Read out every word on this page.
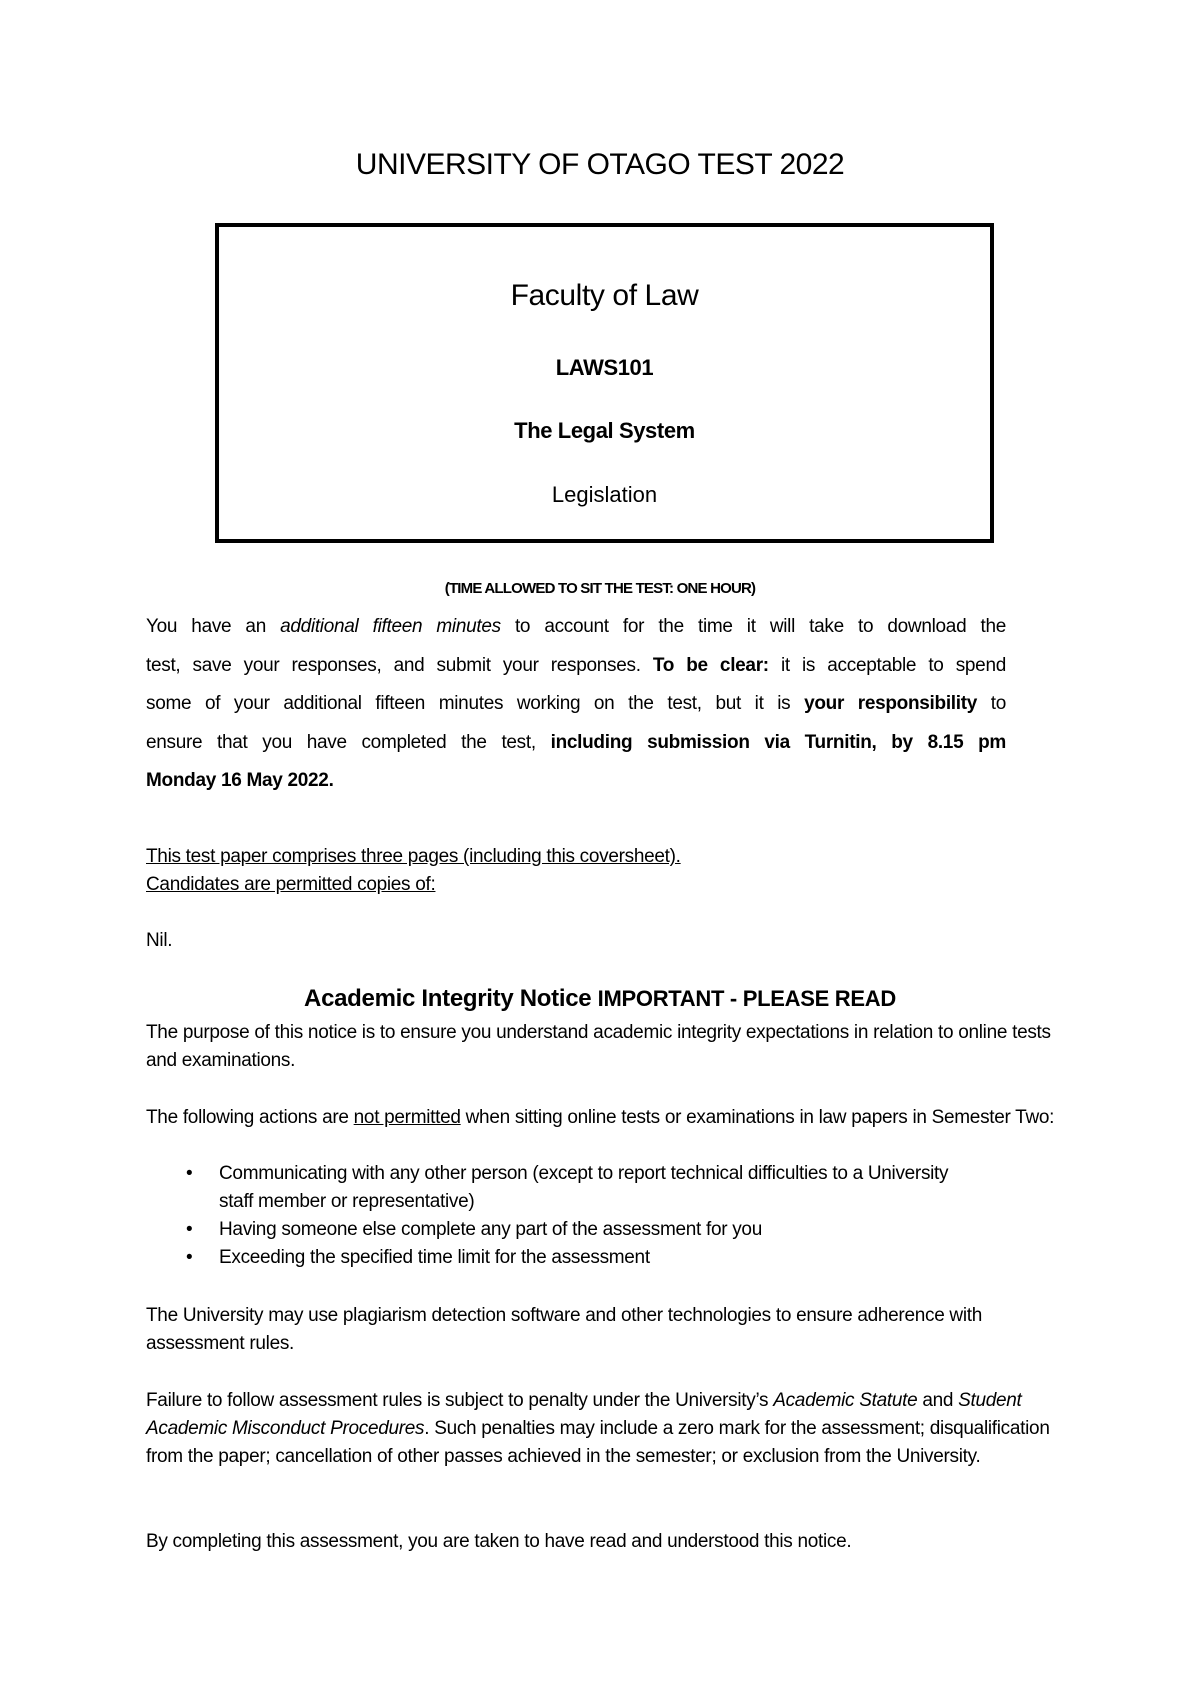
UNIVERSITY OF OTAGO TEST 2022
Faculty of Law
LAWS101
The Legal System
Legislation
(TIME ALLOWED TO SIT THE TEST: ONE HOUR)
You have an additional fifteen minutes to account for the time it will take to download the
test, save your responses, and submit your responses. To be clear: it is acceptable to spend
some of your additional fifteen minutes working on the test, but it is your responsibility to
ensure that you have completed the test, including submission via Turnitin, by 8.15 pm
Monday 16 May 2022.
This test paper comprises three pages (including this coversheet).
Candidates are permitted copies of:
Nil.
Academic Integrity Notice IMPORTANT - PLEASE READ
The purpose of this notice is to ensure you understand academic integrity expectations in relation to online tests and examinations.
The following actions are not permitted when sitting online tests or examinations in law papers in Semester Two:
• Communicating with any other person (except to report technical difficulties to a University staff member or representative)
• Having someone else complete any part of the assessment for you
• Exceeding the specified time limit for the assessment
The University may use plagiarism detection software and other technologies to ensure adherence with assessment rules.
Failure to follow assessment rules is subject to penalty under the University’s Academic Statute and Student Academic Misconduct Procedures. Such penalties may include a zero mark for the assessment; disqualification from the paper; cancellation of other passes achieved in the semester; or exclusion from the University.
By completing this assessment, you are taken to have read and understood this notice.
